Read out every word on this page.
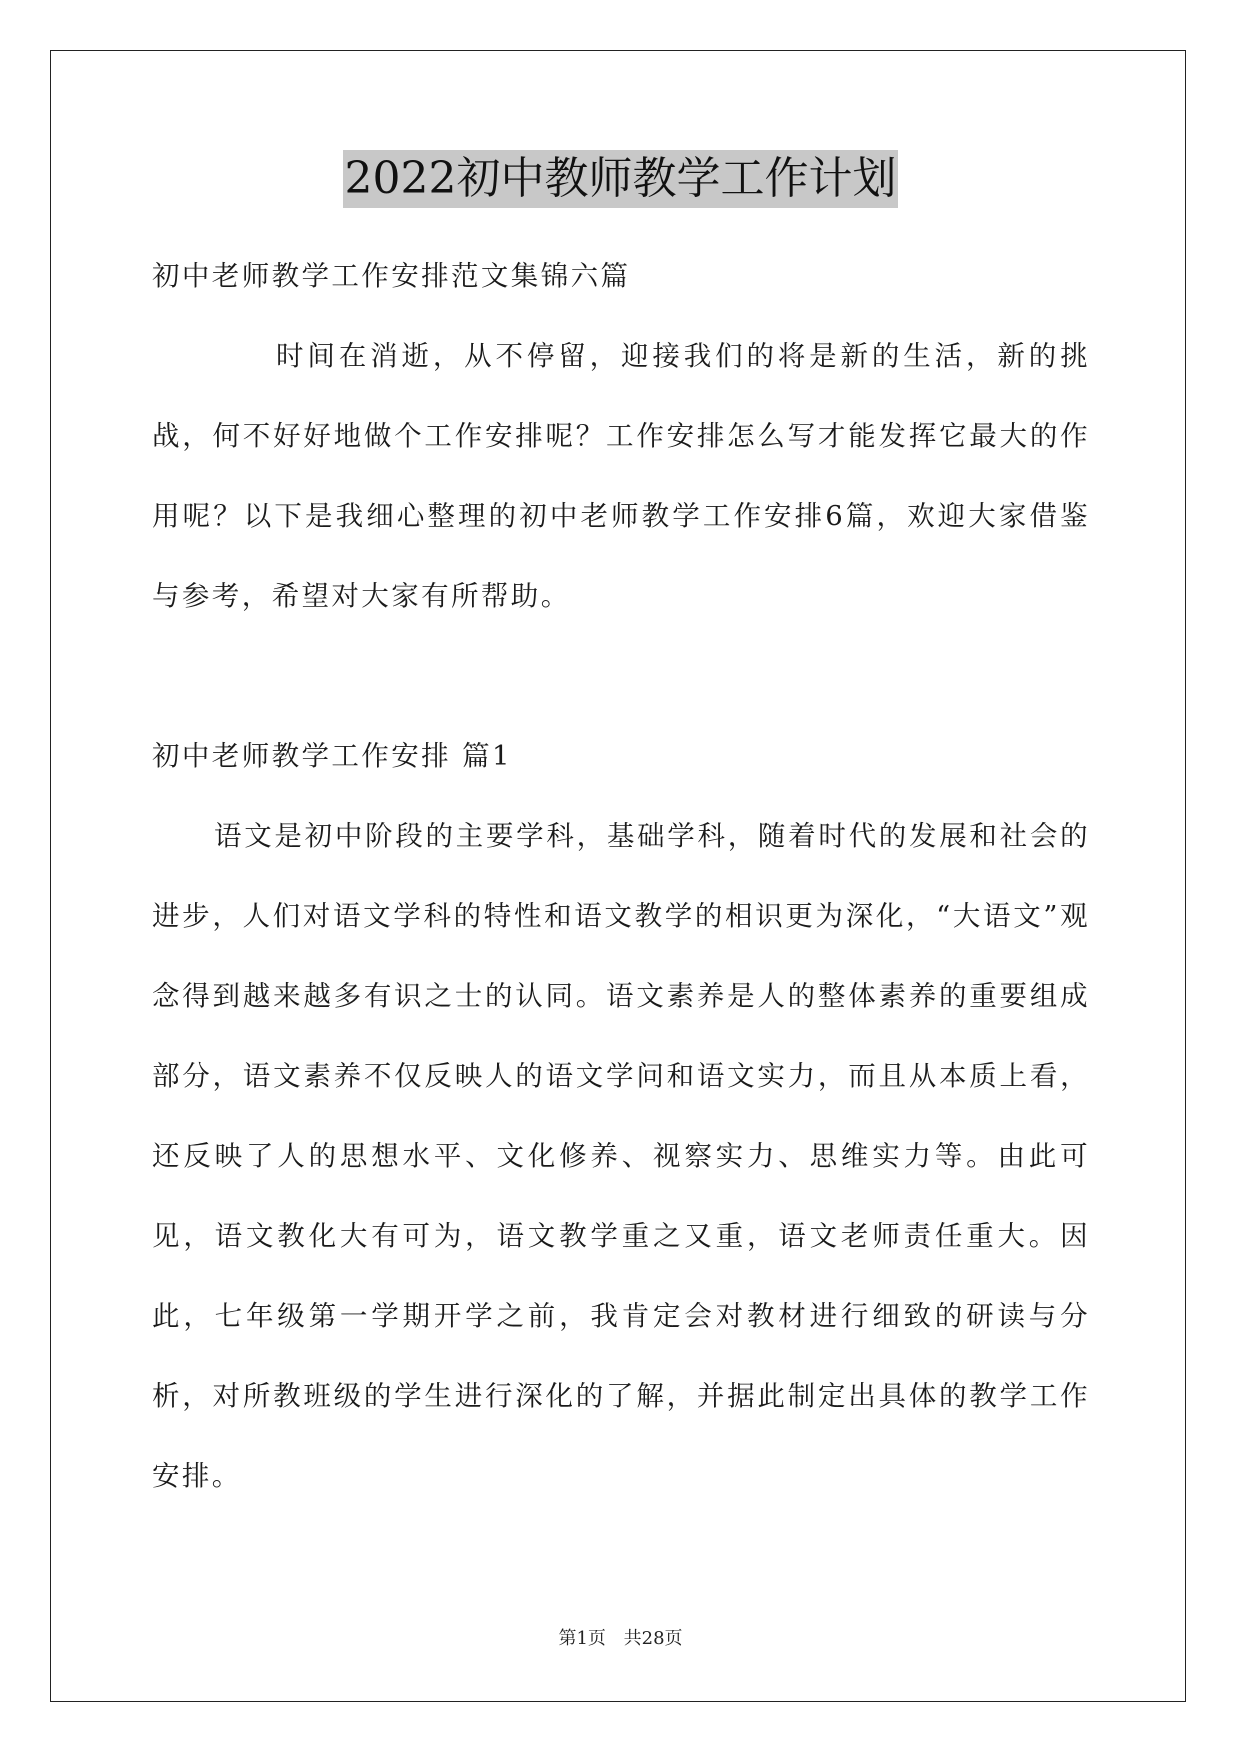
2022初中教师教学工作计划

初中老师教学工作安排范文集锦六篇

时间在消逝，从不停留，迎接我们的将是新的生活，新的挑战，何不好好地做个工作安排呢？工作安排怎么写才能发挥它最大的作用呢？以下是我细心整理的初中老师教学工作安排6篇，欢迎大家借鉴与参考，希望对大家有所帮助。

初中老师教学工作安排 篇1

语文是初中阶段的主要学科，基础学科，随着时代的发展和社会的进步，人们对语文学科的特性和语文教学的相识更为深化，“大语文”观念得到越来越多有识之士的认同。语文素养是人的整体素养的重要组成部分，语文素养不仅反映人的语文学问和语文实力，而且从本质上看，还反映了人的思想水平、文化修养、视察实力、思维实力等。由此可见，语文教化大有可为，语文教学重之又重，语文老师责任重大。因此，七年级第一学期开学之前，我肯定会对教材进行细致的研读与分析，对所教班级的学生进行深化的了解，并据此制定出具体的教学工作安排。

第1页 共28页
